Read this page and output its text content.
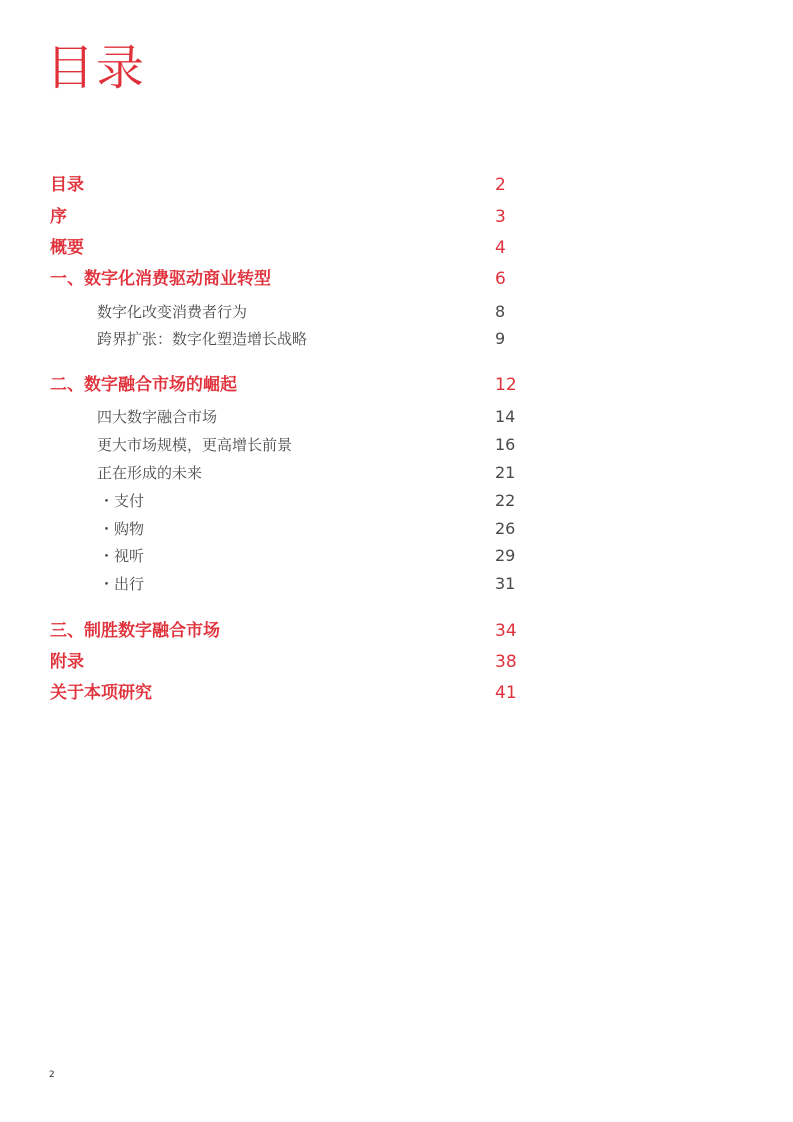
目录
目录	2
序	3
概要	4
一、数字化消费驱动商业转型	6
数字化改变消费者行为	8
跨界扩张：数字化塑造增长战略	9
二、数字融合市场的崛起	12
四大数字融合市场	14
更大市场规模，更高增长前景	16
正在形成的未来	21
・支付	22
・购物	26
・视听	29
・出行	31
三、制胜数字融合市场	34
附录	38
关于本项研究	41
2
